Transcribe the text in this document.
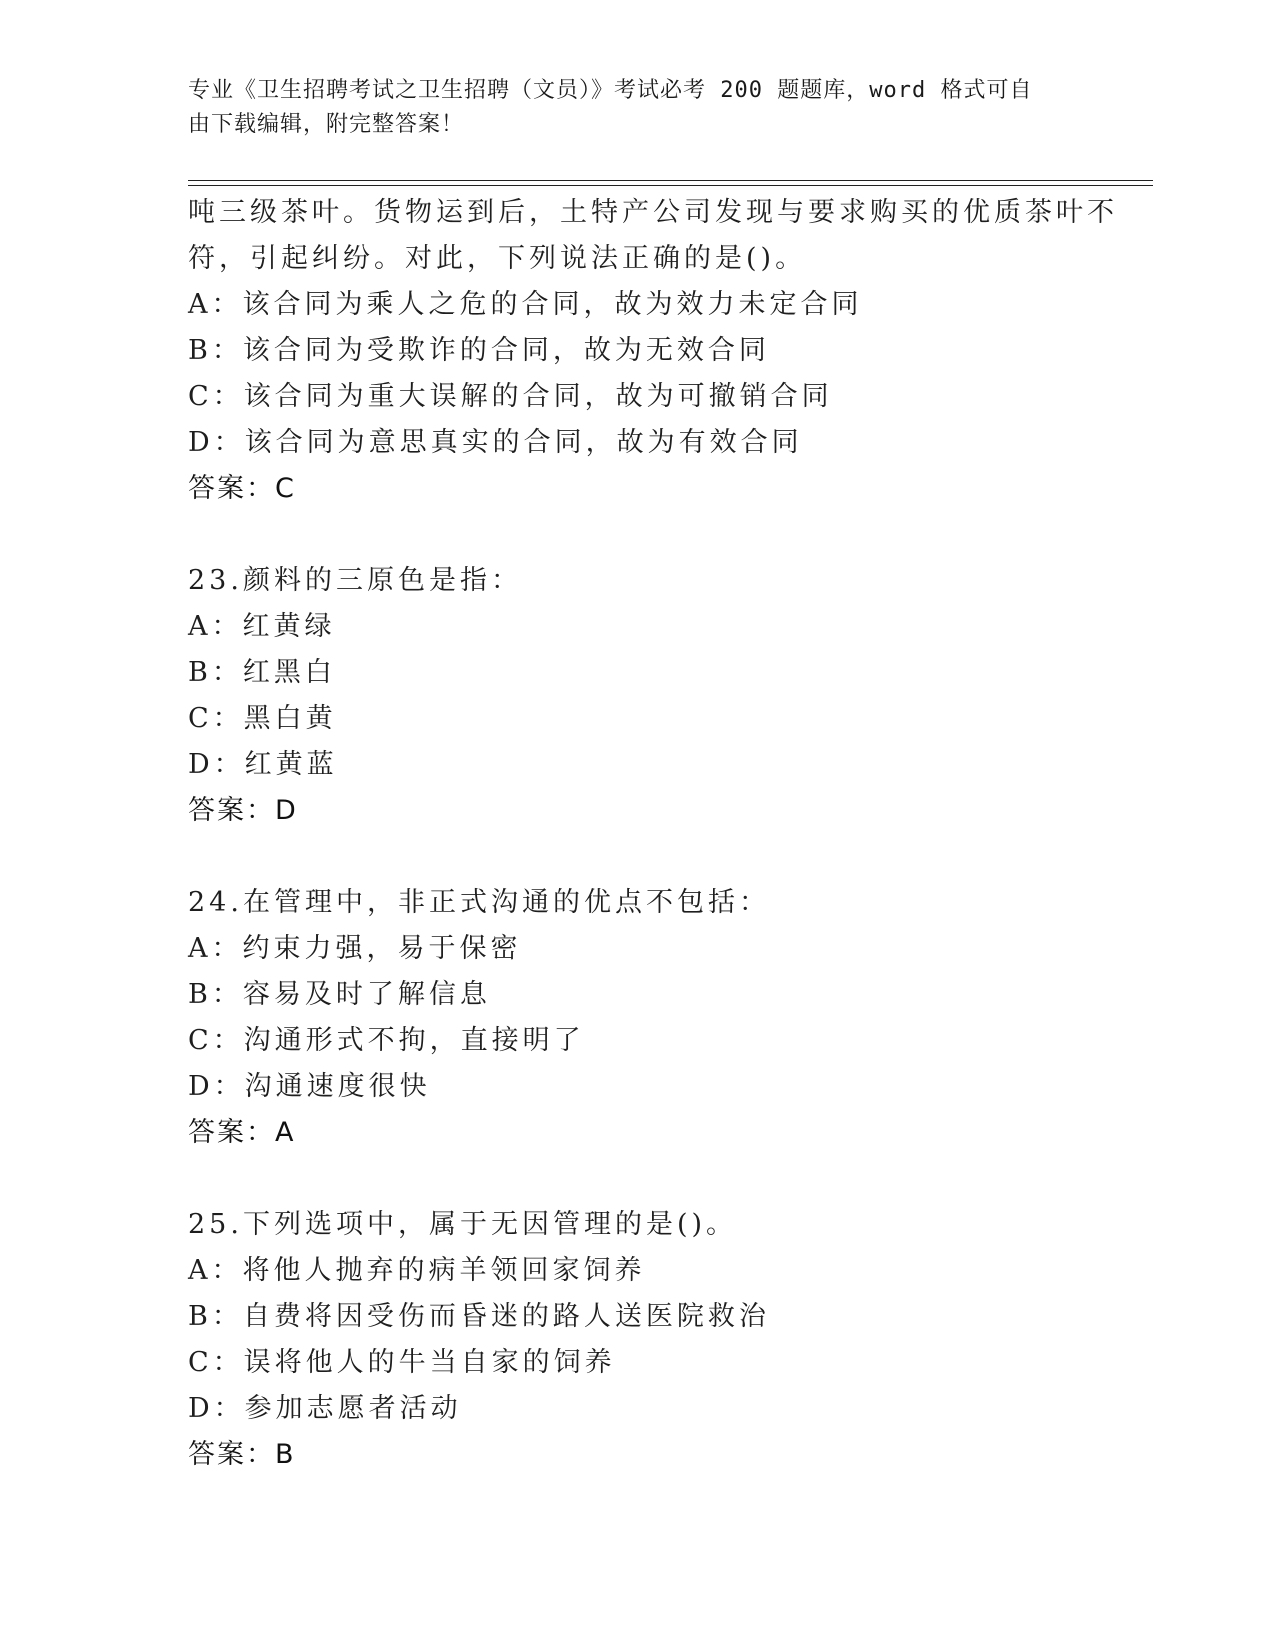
专业《卫生招聘考试之卫生招聘（文员）》考试必考 200 题题库，word 格式可自
由下载编辑，附完整答案！
吨三级茶叶。货物运到后，土特产公司发现与要求购买的优质茶叶不
符，引起纠纷。对此，下列说法正确的是()。
A：该合同为乘人之危的合同，故为效力未定合同
B：该合同为受欺诈的合同，故为无效合同
C：该合同为重大误解的合同，故为可撤销合同
D：该合同为意思真实的合同，故为有效合同
答案：C
23.颜料的三原色是指：
A：红黄绿
B：红黑白
C：黑白黄
D：红黄蓝
答案：D
24.在管理中，非正式沟通的优点不包括：
A：约束力强，易于保密
B：容易及时了解信息
C：沟通形式不拘，直接明了
D：沟通速度很快
答案：A
25.下列选项中，属于无因管理的是()。
A：将他人抛弃的病羊领回家饲养
B：自费将因受伤而昏迷的路人送医院救治
C：误将他人的牛当自家的饲养
D：参加志愿者活动
答案：B
